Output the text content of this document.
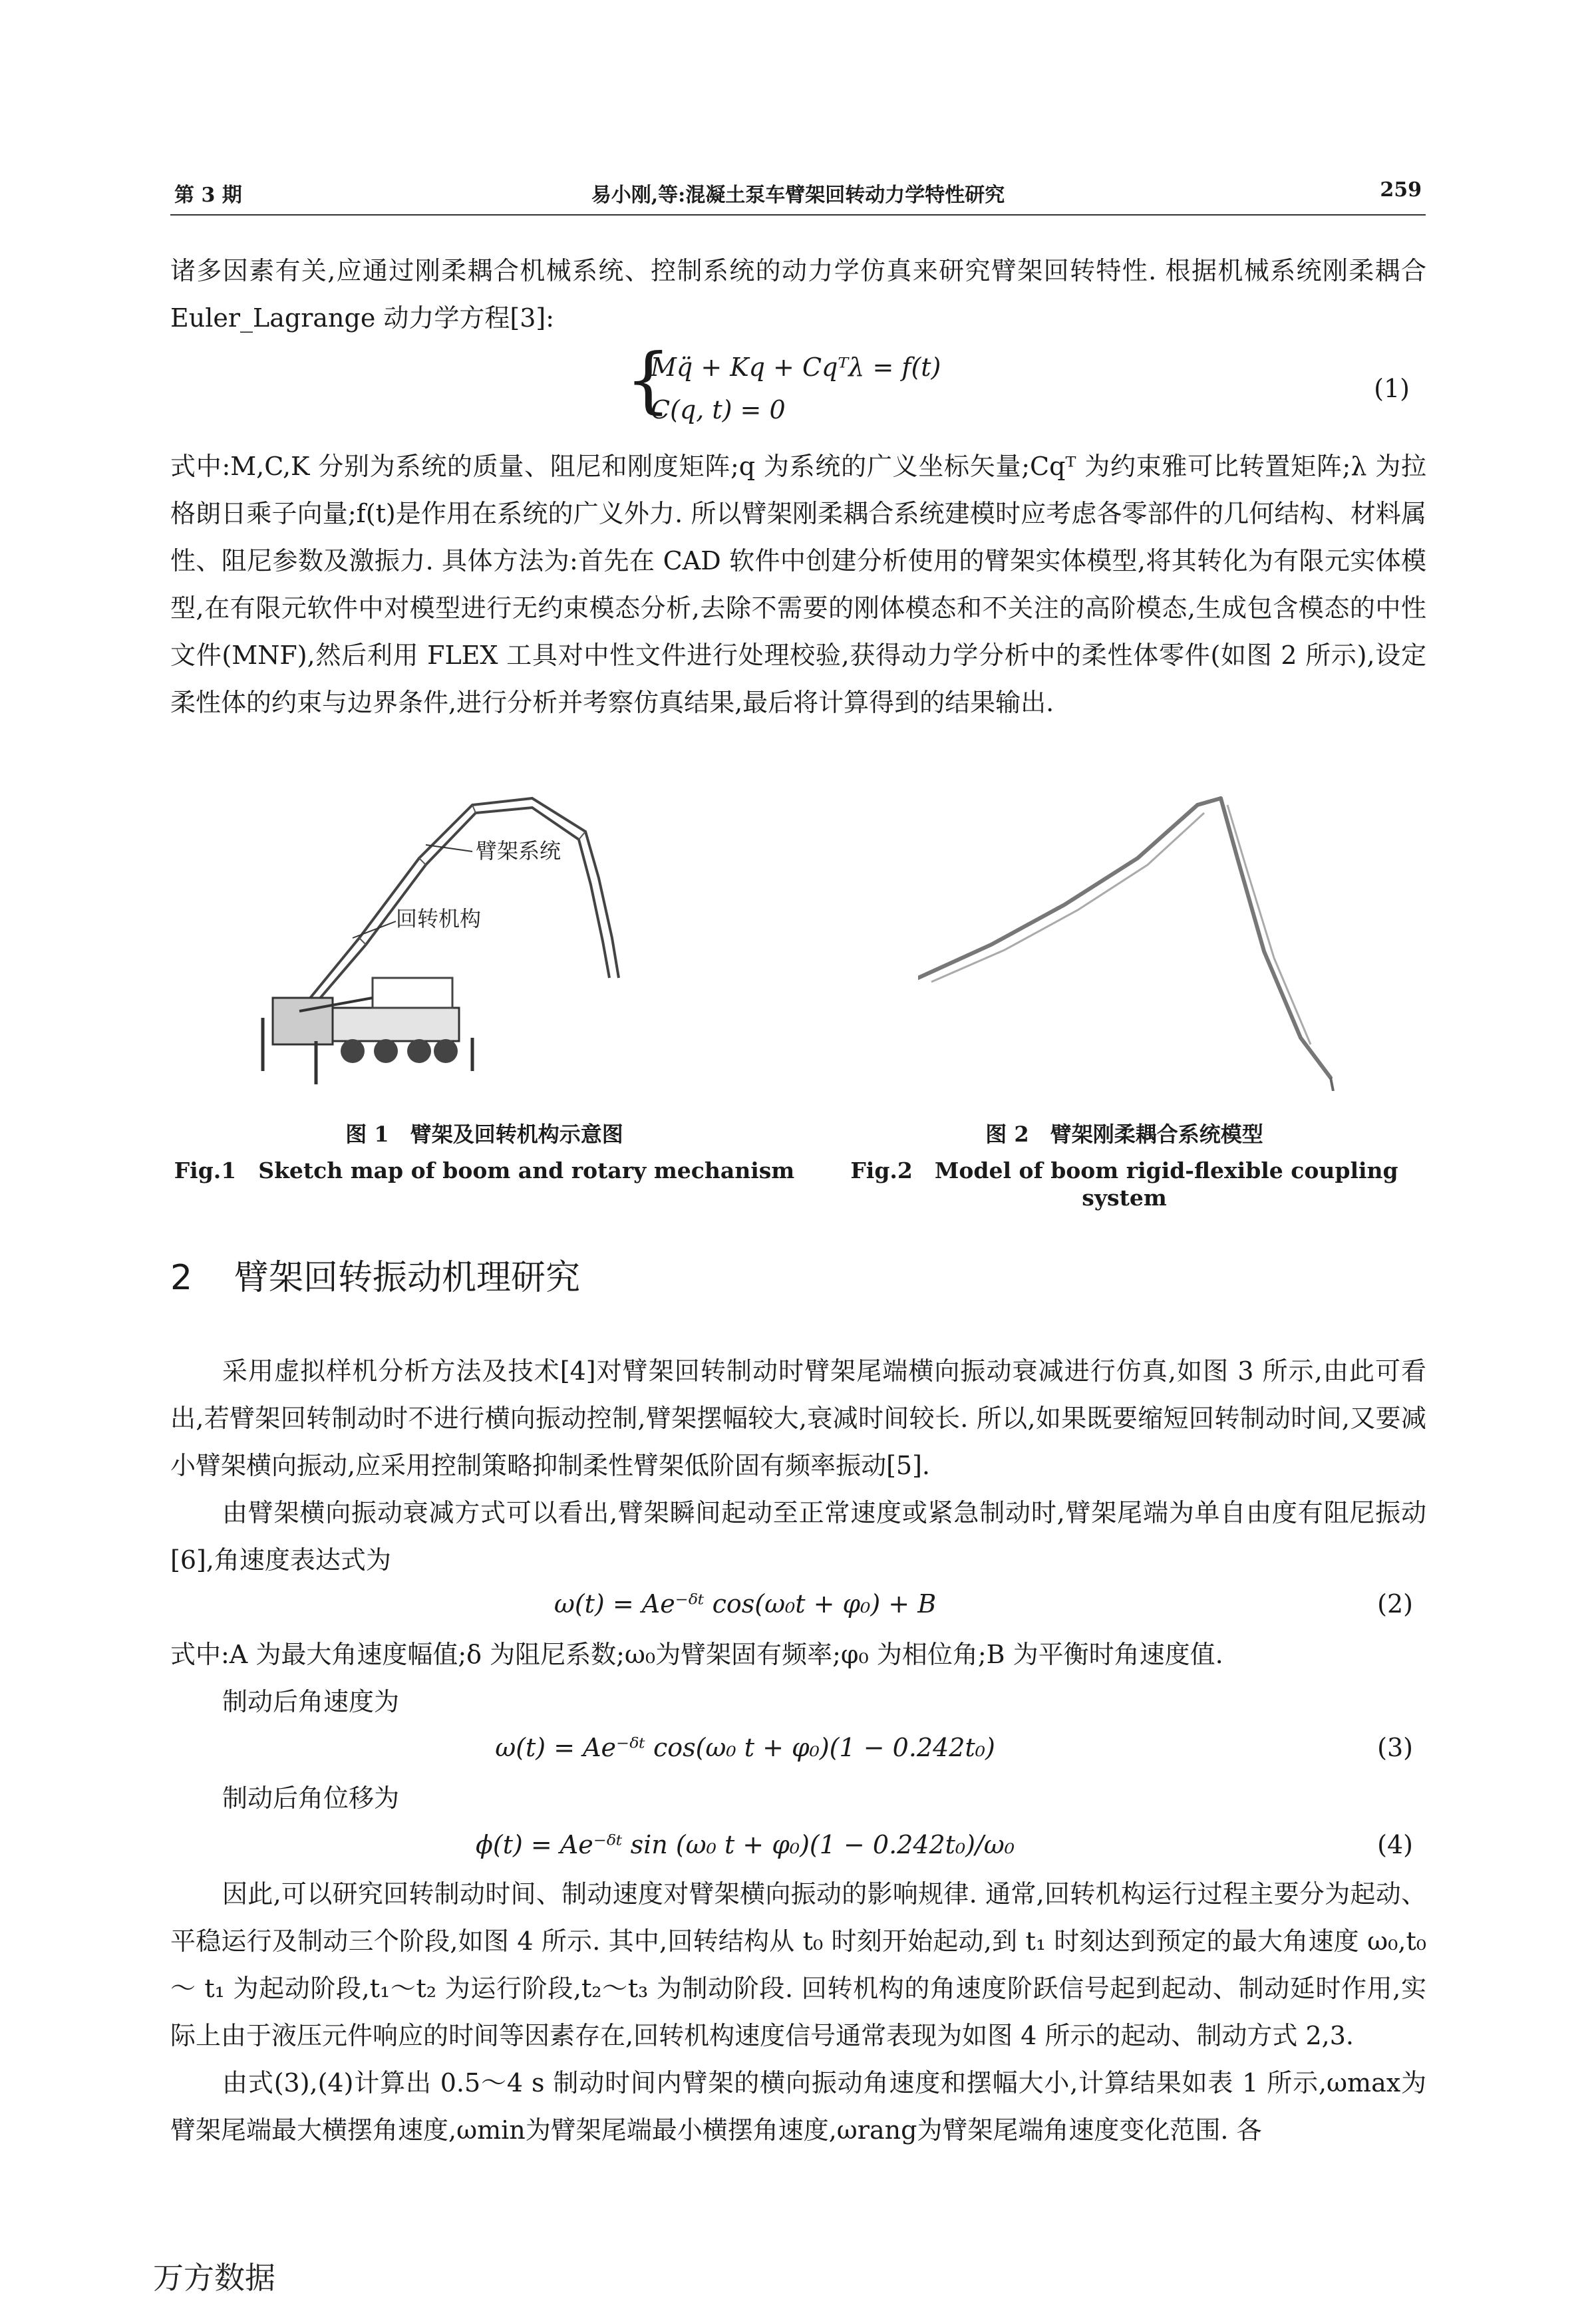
第 3 期	易小刚,等:混凝土泵车臂架回转动力学特性研究	259

诸多因素有关,应通过刚柔耦合机械系统、控制系统的动力学仿真来研究臂架回转特性. 根据机械系统刚柔耦合 Euler_Lagrange 动力学方程[3]:

{
Mq̈ + Kq + Cqᵀλ = f(t)
C(q, t) = 0
(1)

式中:M,C,K 分别为系统的质量、阻尼和刚度矩阵;q 为系统的广义坐标矢量;Cqᵀ 为约束雅可比转置矩阵;λ 为拉格朗日乘子向量;f(t)是作用在系统的广义外力. 所以臂架刚柔耦合系统建模时应考虑各零部件的几何结构、材料属性、阻尼参数及激振力. 具体方法为:首先在 CAD 软件中创建分析使用的臂架实体模型,将其转化为有限元实体模型,在有限元软件中对模型进行无约束模态分析,去除不需要的刚体模态和不关注的高阶模态,生成包含模态的中性文件(MNF),然后利用 FLEX 工具对中性文件进行处理校验,获得动力学分析中的柔性体零件(如图 2 所示),设定柔性体的约束与边界条件,进行分析并考察仿真结果,最后将计算得到的结果输出.

臂架系统
回转机构
图 1　臂架及回转机构示意图
Fig.1　Sketch map of boom and rotary mechanism
图 2　臂架刚柔耦合系统模型
Fig.2　Model of boom rigid-flexible coupling system
2 臂架回转振动机理研究

采用虚拟样机分析方法及技术[4]对臂架回转制动时臂架尾端横向振动衰减进行仿真,如图 3 所示,由此可看出,若臂架回转制动时不进行横向振动控制,臂架摆幅较大,衰减时间较长. 所以,如果既要缩短回转制动时间,又要减小臂架横向振动,应采用控制策略抑制柔性臂架低阶固有频率振动[5].

由臂架横向振动衰减方式可以看出,臂架瞬间起动至正常速度或紧急制动时,臂架尾端为单自由度有阻尼振动[6],角速度表达式为

ω(t) = Ae⁻ᵟᵗ cos(ω₀t + φ₀) + B	(2)

式中:A 为最大角速度幅值;δ 为阻尼系数;ω₀为臂架固有频率;φ₀ 为相位角;B 为平衡时角速度值.

制动后角速度为

ω(t) = Ae⁻ᵟᵗ cos(ω₀ t + φ₀)(1 − 0.242t₀)	(3)

制动后角位移为

ϕ(t) = Ae⁻ᵟᵗ sin (ω₀ t + φ₀)(1 − 0.242t₀)/ω₀	(4)

因此,可以研究回转制动时间、制动速度对臂架横向振动的影响规律. 通常,回转机构运行过程主要分为起动、平稳运行及制动三个阶段,如图 4 所示. 其中,回转结构从 t₀ 时刻开始起动,到 t₁ 时刻达到预定的最大角速度 ω₀,t₀～ t₁ 为起动阶段,t₁～t₂ 为运行阶段,t₂～t₃ 为制动阶段. 回转机构的角速度阶跃信号起到起动、制动延时作用,实际上由于液压元件响应的时间等因素存在,回转机构速度信号通常表现为如图 4 所示的起动、制动方式 2,3.

由式(3),(4)计算出 0.5～4 s 制动时间内臂架的横向振动角速度和摆幅大小,计算结果如表 1 所示,ωmax为臂架尾端最大横摆角速度,ωmin为臂架尾端最小横摆角速度,ωrang为臂架尾端角速度变化范围. 各

万方数据
